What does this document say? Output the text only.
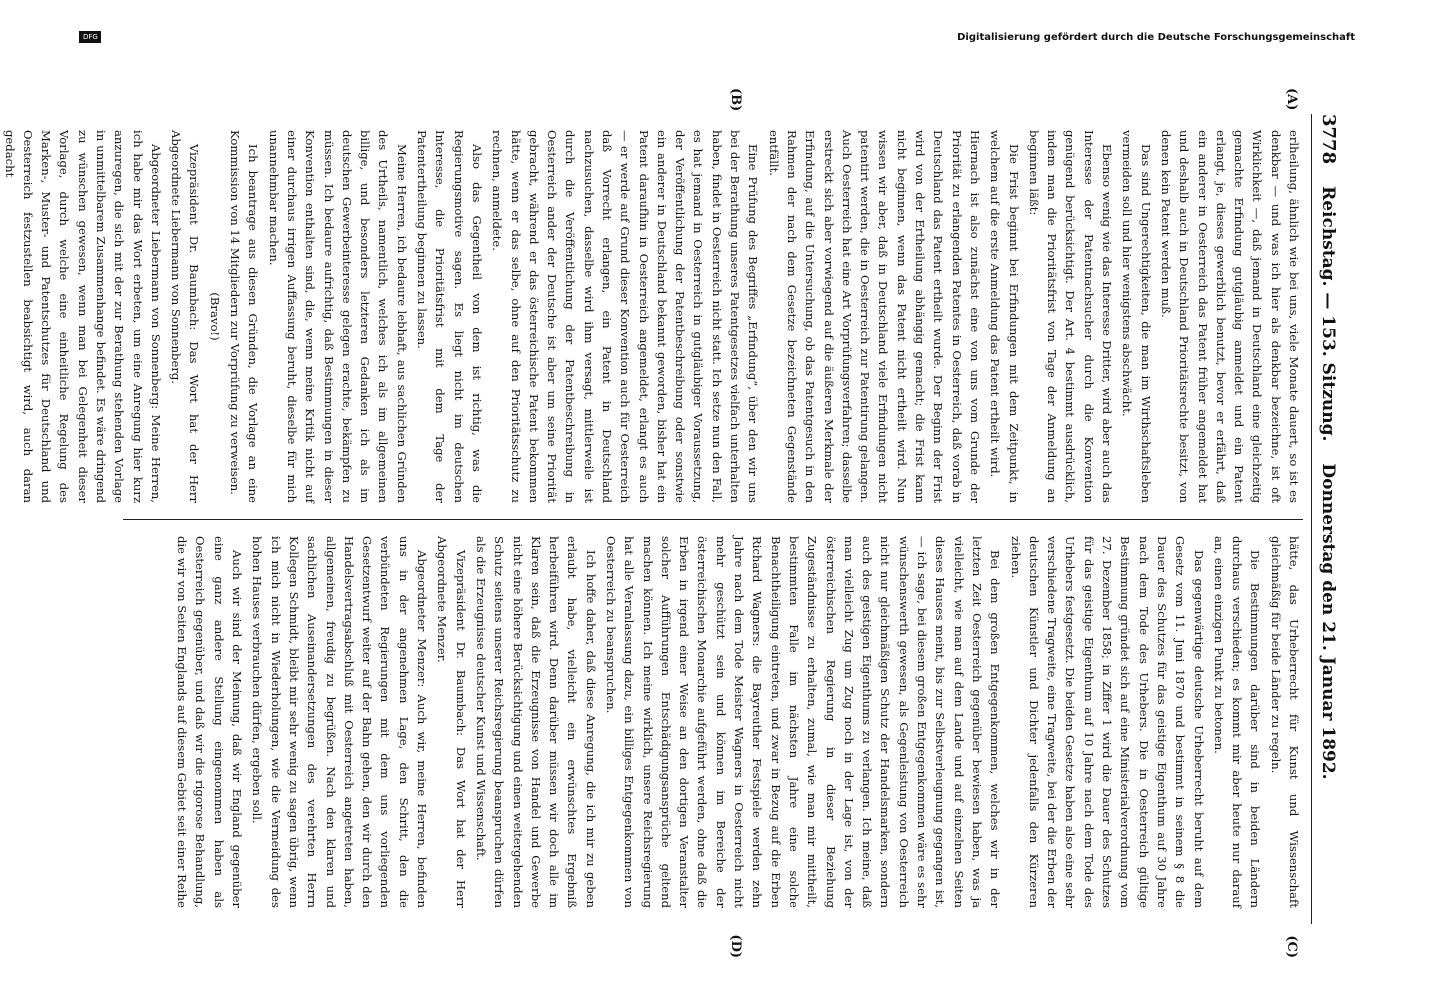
3778
Reichstag. — 153. Sitzung.
Donnerstag den 21. Januar 1892.
(A)
(B)
(C)
(D)

erlheilung, ähnlich wie bei uns, viele Monate dauert, so ist es denkbar — und was ich hier als denkbar bezeichne, ist oft Wirklichkeit —, daß jemand in Deutschland eine gleichzeitig gemachte Erfindung gutgläubig anmeldet und ein Patent erlangt, je, dieses gewerblich benutzt, bevor er erfährt, daß ein anderer in Oesterreich das Patent früher angemeldet hat und deshalb auch in Deutschland Prioritätsrechte besitzt, von denen kein Patent werden muß.

Das sind Ungerechtigkeiten, die man im Wirthschaftsleben vermeiden soll und hier wenigstens abschwächt.

Ebenso wenig wie das Interesse Dritter, wird aber auch das Interesse der Patentnachsucher durch die Konvention genügend berücksichtigt. Der Art. 4 bestimmt ausdrücklich, indem man die Prioritätsfrist von Tage der Anmeldung an beginnen läßt:

Die Frist beginnt bei Erfindungen mit dem Zeitpunkt, in welchem auf die erste Anmeldung das Patent ertheilt wird.

Hiernach ist also zunächst eine von uns vom Grunde der Priorität zu erlangenden Patentes in Oesterreich, daß vorab in Deutschland das Patent ertheilt wurde. Der Beginn der Frist wird von der Ertheilung abhängig gemacht; die Frist kann nicht beginnen, wenn das Patent nicht ertheilt wird. Nun wissen wir aber, daß in Deutschland viele Erfindungen nicht patentirt werden, die in Oesterreich zur Patentirung gelangen. Auch Oesterreich hat eine Art Vorprüfungsverfahren; dasselbe erstreckt sich aber vorwiegend auf die äußeren Merkmale der Erfindung, auf die Untersuchung, ob das Patentgesuch in den Rahmen der nach dem Gesetze bezeichneten Gegenstände entfällt.

Eine Prüfung des Begriffes „Erfindung“, über den wir uns bei der Berathung unseres Patentgesetzes vielfach unterhalten haben, findet in Oesterreich nicht statt. Ich setze nun den Fall, es hat jemand in Oesterreich in gutgläubiger Voraussetzung, der Veröffentlichung der Patentbeschreibung oder sonstwie ein anderer in Deutschland bekannt geworden, bisher hat ein Patent daraufhin in Oesterreich angemeldet, erlangt es auch — er werde auf Grund dieser Konvention auch für Oesterreich daß Vorrecht erlangen, ein Patent in Deutschland nachzusuchen, dasselbe wird ihm versagt, mittlerweile ist durch die Veröffentlichung der Patentbeschreibung in Oesterreich ander der Deutsche ist aber um seine Priorität gebracht, während er das österreichische Patent bekommen hätte, wenn er das selbe, ohne auf den Prioritätsschutz zu rechnen, anmeldete.

Also das Gegentheil von dem ist richtig, was die Regierungsmotive sagen. Es liegt nicht im deutschen Interesse, die Prioritätsfrist mit dem Tage der Patentertheilung beginnen zu lassen.

Meine Herren, ich bedaure lebhaft, aus sachlichen Gründen des Urtheils, namentlich, welches ich als im allgemeinen billige, und besonders letzteren Gedanken ich als im deutschen Gewerbeinteresse gelegen erachte, bekämpfen zu müssen. Ich bedaure aufrichtig, daß Bestimmungen in dieser Konvention enthalten sind, die, wenn meine Kritik nicht auf einer durchaus irrigen Auffassung beruht, dieselbe für mich unannehmbar machen.

Ich beantrage aus diesen Gründen, die Vorlage an eine Kommission von 14 Mitgliedern zur Vorprüfung zu verweisen.

(Bravo!)

Vizepräsident Dr. Baumbach: Das Wort hat der Herr Abgeordnete Liebermann von Sonnenberg.

Abgeordneter Liebermann von Sonnenberg: Meine Herren, ich habe mir das Wort erbeten, um eine Anregung hier kurz anzuregen, die sich mit der zur Berathung stehenden Vorlage in unmittelbarem Zusammenhange befindet. Es wäre dringend zu wünschen gewesen, wenn man bei Gelegenheit dieser Vorlage, durch welche eine einheitliche Regelung des Marken-, Muster- und Patentschutzes für Deutschland und Oesterreich festzustellen beabsichtigt wird, auch daran gedacht

hätte, das Urheberrecht für Kunst und Wissenschaft gleichmäßig für beide Länder zu regeln.

Die Bestimmungen darüber sind in beiden Ländern durchaus verschieden; es kommt mir aber heute nur darauf an, einen einzigen Punkt zu betonen.

Das gegenwärtige deutsche Urheberrecht beruht auf dem Gesetz vom 11. Juni 1870 und bestimmt in seinem § 8 die Dauer des Schutzes für das geistige Eigenthum auf 30 Jahre nach dem Tode des Urhebers. Die in Oesterreich gültige Bestimmung gründet sich auf eine Ministerialverordnung vom 27. Dezember 1858; in Ziffer 1 wird die Dauer des Schutzes für das geistige Eigenthum auf 10 Jahre nach dem Tode des Urhebers festgesetzt. Die beiden Gesetze haben also eine sehr verschiedene Tragweite, eine Tragweite, bei der die Erben der deutschen Künstler und Dichter jedenfalls den Kürzeren ziehen.

Bei dem großen Entgegenkommen, welches wir in der letzten Zeit Oesterreich gegenüber bewiesen haben, was ja vielleicht, wie man auf dem Lande und auf einzelnen Seiten dieses Hauses meint, bis zur Selbstverleugnung gegangen ist, — ich sage, bei diesem großen Entgegenkommen wäre es sehr wünschenswerth gewesen, als Gegenleistung von Oesterreich nicht nur gleichmäßigen Schutz der Handelsmarken, sondern auch des geistigen Eigenthums zu verlangen. Ich meine, daß man vielleicht Zug um Zug noch in der Lage ist, von der österreichischen Regierung in dieser Beziehung Zugeständnisse zu erhalten, zumal, wie man mir mittheilt, bestimmten Falle im nächsten Jahre eine solche Benachtheiligung eintreten, und zwar in Bezug auf die Erben Richard Wagners: die Bayreuther Festspiele werden zehn Jahre nach dem Tode Meister Wagners in Oesterreich nicht mehr geschützt sein und können im Bereiche der österreichischen Monarchie aufgeführt werden, ohne daß die Erben in irgend einer Weise an den dortigen Veranstalter solcher Aufführungen Entschädigungsansprüche geltend machen können. Ich meine wirklich, unsere Reichsregierung hat alle Veranlassung dazu, ein billiges Entgegenkommen von Oesterreich zu beanspruchen.

Ich hoffe daher, daß diese Anregung, die ich mir zu geben erlaubt habe, vielleicht ein erwünschtes Ergebniß herbeiführen wird. Denn darüber müssen wir doch alle im Klaren sein, daß die Erzeugnisse von Handel und Gewerbe nicht eine höhere Berücksichtigung und einen weitergehenden Schutz seitens unserer Reichsregierung beanspruchen dürfen als die Erzeugnisse deutscher Kunst und Wissenschaft.

Vizepräsident Dr. Baumbach: Das Wort hat der Herr Abgeordnete Menzer.

Abgeordneter Menzer: Auch wir, meine Herren, befinden uns in der angenehmen Lage, den Schritt, den die verbündeten Regierungen mit dem uns vorliegenden Gesetzentwurf weiter auf der Bahn gehen, den wir durch den Handelsvertragsabschluß mit Oesterreich angetreten haben, allgemeinen, freudig zu begrüßen. Nach den klaren und sachlichen Auseinandersetzungen des verehrten Herrn Kollegen Schmidt, bleibt mir sehr wenig zu sagen übrig, wenn ich mich nicht in Wiederholungen, wie die Vermeidung des hohen Hauses verbrauchen dürfen, ergeben soll.

Auch wir sind der Meinung, daß wir England gegenüber eine ganz andere Stellung eingenommen haben als Oesterreich gegenüber, und daß wir die rigorose Behandlung, die wir von Seiten Englands auf diesem Gebiet seit einer Reihe

Digitalisierung gefördert durch die Deutsche Forschungsgemeinschaft
DFG
